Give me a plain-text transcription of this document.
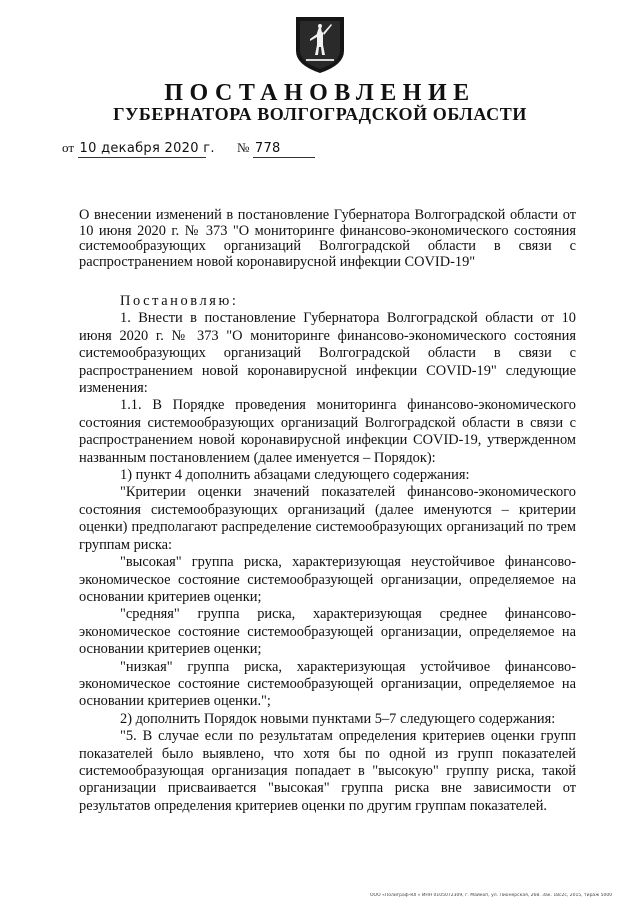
ПОСТАНОВЛЕНИЕ
ГУБЕРНАТОРА ВОЛГОГРАДСКОЙ ОБЛАСТИ
от 10 декабря 2020 г. № 778
О внесении изменений в постановление Губернатора Волгоградской области от 10 июня 2020 г. № 373 "О мониторинге финансово-экономического состояния системообразующих организаций Волгоградской области в связи с распространением новой коронавирусной инфекции COVID-19"

Постановляю:

1. Внести в постановление Губернатора Волгоградской области от 10 июня 2020 г. № 373 "О мониторинге финансово-экономического состояния системообразующих организаций Волгоградской области в связи с распространением новой коронавирусной инфекции COVID-19" следующие изменения:

1.1. В Порядке проведения мониторинга финансово-экономического состояния системообразующих организаций Волгоградской области в связи с распространением новой коронавирусной инфекции COVID-19, утвержденном названным постановлением (далее именуется – Порядок):

1) пункт 4 дополнить абзацами следующего содержания:

"Критерии оценки значений показателей финансово-экономического состояния системообразующих организаций (далее именуются – критерии оценки) предполагают распределение системообразующих организаций по трем группам риска:

"высокая" группа риска, характеризующая неустойчивое финансово-экономическое состояние системообразующей организации, определяемое на основании критериев оценки;

"средняя" группа риска, характеризующая среднее финансово-экономическое состояние системообразующей организации, определяемое на основании критериев оценки;

"низкая" группа риска, характеризующая устойчивое финансово-экономическое состояние системообразующей организации, определяемое на основании критериев оценки.";

2) дополнить Порядок новыми пунктами 5–7 следующего содержания:

"5. В случае если по результатам определения критериев оценки групп показателей было выявлено, что хотя бы по одной из групп показателей системообразующая организация попадает в "высокую" группу риска, такой организации присваивается "высокая" группа риска вне зависимости от результатов определения критериев оценки по другим группам показателей.

ООО «Полиграф-ЮГ» ИНН 0105072309, г. Майкоп, ул. Пионерская, 268. Зак. 18с2с, 2015, тираж 5000
